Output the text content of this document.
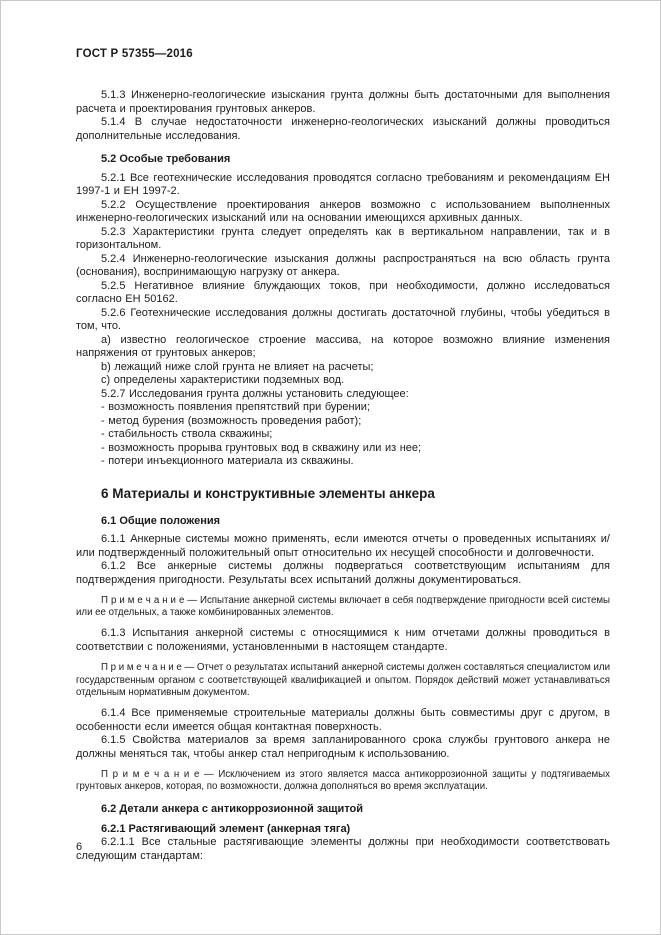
ГОСТ Р 57355—2016

5.1.3 Инженерно-геологические изыскания грунта должны быть достаточными для выполнения расчета и проектирования грунтовых анкеров.

5.1.4 В случае недостаточности инженерно-геологических изысканий должны проводиться дополнительные исследования.

5.2 Особые требования

5.2.1 Все геотехнические исследования проводятся согласно требованиям и рекомендациям ЕН 1997-1 и ЕН 1997-2.

5.2.2 Осуществление проектирования анкеров возможно с использованием выполненных инженерно-геологических изысканий или на основании имеющихся архивных данных.

5.2.3 Характеристики грунта следует определять как в вертикальном направлении, так и в горизонтальном.

5.2.4 Инженерно-геологические изыскания должны распространяться на всю область грунта (основания), воспринимающую нагрузку от анкера.

5.2.5 Негативное влияние блуждающих токов, при необходимости, должно исследоваться согласно ЕН 50162.

5.2.6 Геотехнические исследования должны достигать достаточной глубины, чтобы убедиться в том, что.

a) известно геологическое строение массива, на которое возможно влияние изменения напряжения от грунтовых анкеров;

b) лежащий ниже слой грунта не влияет на расчеты;

c) определены характеристики подземных вод.

5.2.7 Исследования грунта должны установить следующее:

- возможность появления препятствий при бурении;

- метод бурения (возможность проведения работ);

- стабильность ствола скважины;

- возможность прорыва грунтовых вод в скважину или из нее;

- потери инъекционного материала из скважины.

6 Материалы и конструктивные элементы анкера

6.1 Общие положения

6.1.1 Анкерные системы можно применять, если имеются отчеты о проведенных испытаниях и/или подтвержденный положительный опыт относительно их несущей способности и долговечности.

6.1.2 Все анкерные системы должны подвергаться соответствующим испытаниям для подтверждения пригодности. Результаты всех испытаний должны документироваться.

П р и м е ч а н и е — Испытание анкерной системы включает в себя подтверждение пригодности всей системы или ее отдельных, а также комбинированных элементов.

6.1.3 Испытания анкерной системы с относящимися к ним отчетами должны проводиться в соответствии с положениями, установленными в настоящем стандарте.

П р и м е ч а н и е — Отчет о результатах испытаний анкерной системы должен составляться специалистом или государственным органом с соответствующей квалификацией и опытом. Порядок действий может устанавливаться отдельным нормативным документом.

6.1.4 Все применяемые строительные материалы должны быть совместимы друг с другом, в особенности если имеется общая контактная поверхность.

6.1.5 Свойства материалов за время запланированного срока службы грунтового анкера не должны меняться так, чтобы анкер стал непригодным к использованию.

П р и м е ч а н и е — Исключением из этого является масса антикоррозионной защиты у подтягиваемых грунтовых анкеров, которая, по возможности, должна дополняться во время эксплуатации.

6.2 Детали анкера с антикоррозионной защитой

6.2.1 Растягивающий элемент (анкерная тяга)

6.2.1.1 Все стальные растягивающие элементы должны при необходимости соответствовать следующим стандартам:

6
